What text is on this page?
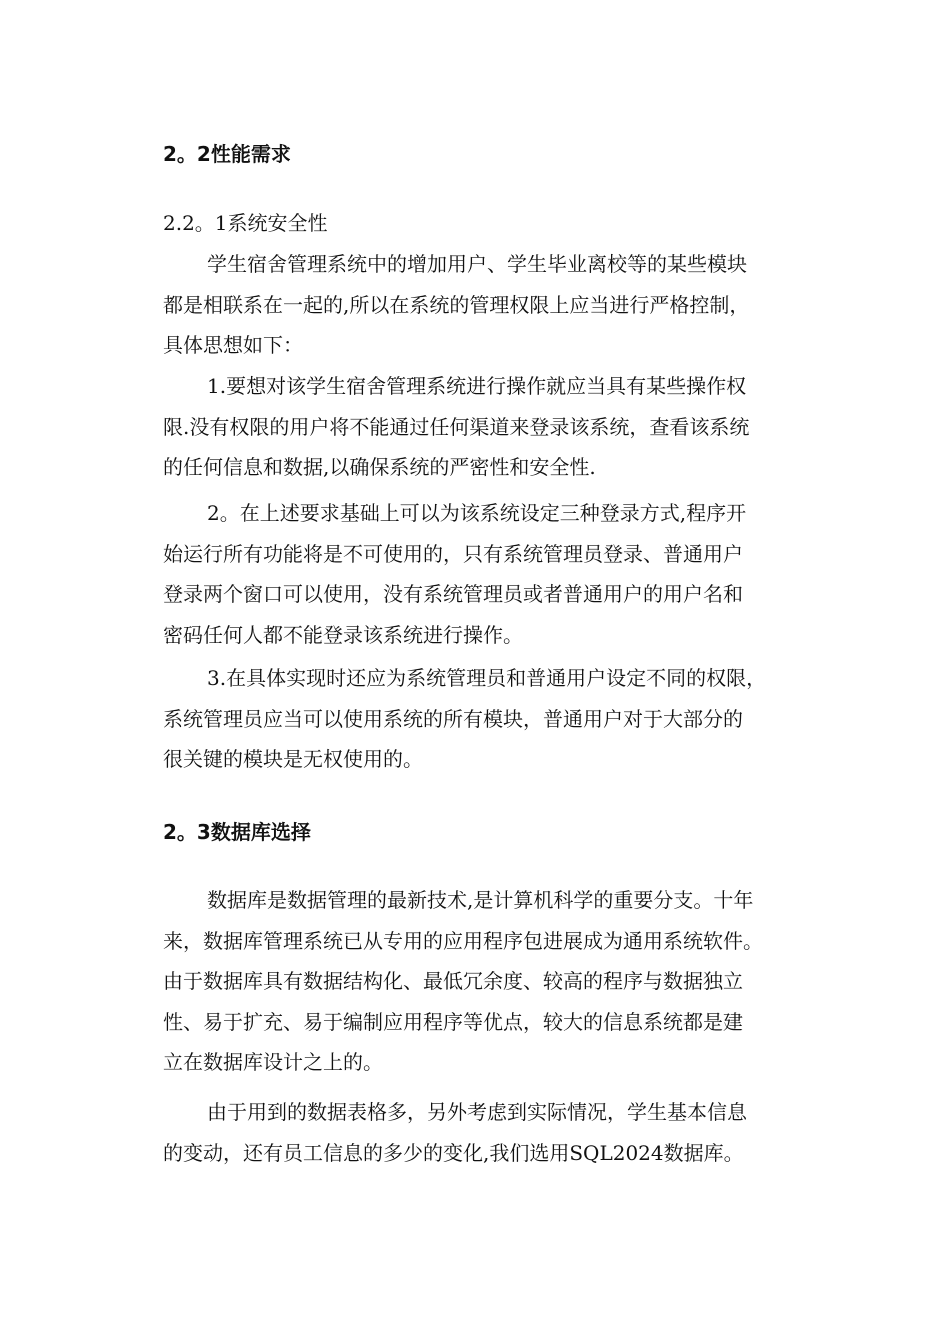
2。2性能需求
2.2。1系统安全性
学生宿舍管理系统中的增加用户、学生毕业离校等的某些模块
都是相联系在一起的,所以在系统的管理权限上应当进行严格控制，
具体思想如下：
1.要想对该学生宿舍管理系统进行操作就应当具有某些操作权
限.没有权限的用户将不能通过任何渠道来登录该系统，查看该系统
的任何信息和数据,以确保系统的严密性和安全性.
2。在上述要求基础上可以为该系统设定三种登录方式,程序开
始运行所有功能将是不可使用的，只有系统管理员登录、普通用户
登录两个窗口可以使用，没有系统管理员或者普通用户的用户名和
密码任何人都不能登录该系统进行操作。
3.在具体实现时还应为系统管理员和普通用户设定不同的权限，
系统管理员应当可以使用系统的所有模块，普通用户对于大部分的
很关键的模块是无权使用的。
2。3数据库选择
数据库是数据管理的最新技术,是计算机科学的重要分支。十年
来，数据库管理系统已从专用的应用程序包进展成为通用系统软件。
由于数据库具有数据结构化、最低冗余度、较高的程序与数据独立
性、易于扩充、易于编制应用程序等优点，较大的信息系统都是建
立在数据库设计之上的。
由于用到的数据表格多，另外考虑到实际情况，学生基本信息
的变动，还有员工信息的多少的变化,我们选用SQL2024数据库。
